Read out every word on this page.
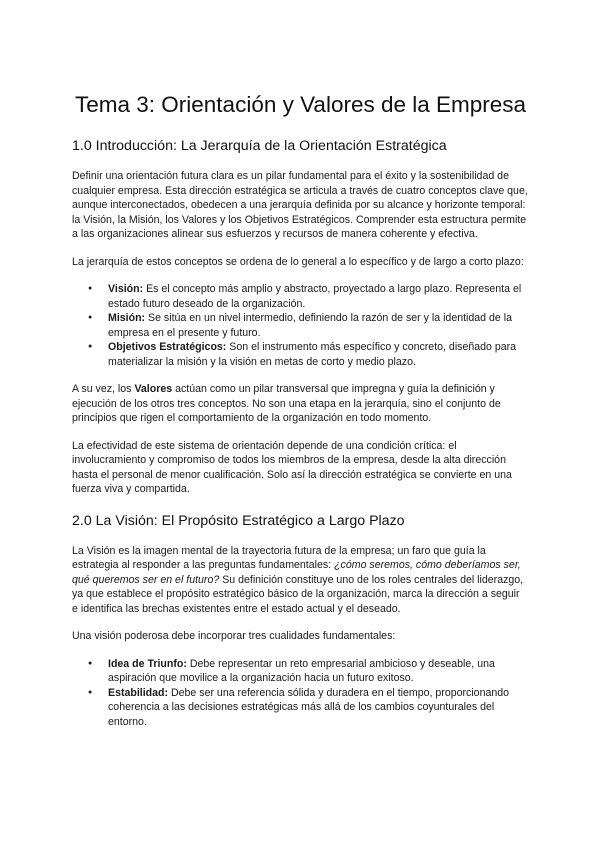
Tema 3: Orientación y Valores de la Empresa
1.0 Introducción: La Jerarquía de la Orientación Estratégica

Definir una orientación futura clara es un pilar fundamental para el éxito y la sostenibilidad de cualquier empresa. Esta dirección estratégica se articula a través de cuatro conceptos clave que, aunque interconectados, obedecen a una jerarquía definida por su alcance y horizonte temporal: la Visión, la Misión, los Valores y los Objetivos Estratégicos. Comprender esta estructura permite a las organizaciones alinear sus esfuerzos y recursos de manera coherente y efectiva.

La jerarquía de estos conceptos se ordena de lo general a lo específico y de largo a corto plazo:

● Visión: Es el concepto más amplio y abstracto, proyectado a largo plazo. Representa el estado futuro deseado de la organización.
● Misión: Se sitúa en un nivel intermedio, definiendo la razón de ser y la identidad de la empresa en el presente y futuro.
● Objetivos Estratégicos: Son el instrumento más específico y concreto, diseñado para materializar la misión y la visión en metas de corto y medio plazo.

A su vez, los Valores actúan como un pilar transversal que impregna y guía la definición y ejecución de los otros tres conceptos. No son una etapa en la jerarquía, sino el conjunto de principios que rigen el comportamiento de la organización en todo momento.

La efectividad de este sistema de orientación depende de una condición crítica: el involucramiento y compromiso de todos los miembros de la empresa, desde la alta dirección hasta el personal de menor cualificación. Solo así la dirección estratégica se convierte en una fuerza viva y compartida.

2.0 La Visión: El Propósito Estratégico a Largo Plazo

La Visión es la imagen mental de la trayectoria futura de la empresa; un faro que guía la estrategia al responder a las preguntas fundamentales: ¿cómo seremos, cómo deberíamos ser, qué queremos ser en el futuro? Su definición constituye uno de los roles centrales del liderazgo, ya que establece el propósito estratégico básico de la organización, marca la dirección a seguir e identifica las brechas existentes entre el estado actual y el deseado.

Una visión poderosa debe incorporar tres cualidades fundamentales:

● Idea de Triunfo: Debe representar un reto empresarial ambicioso y deseable, una aspiración que movilice a la organización hacia un futuro exitoso.
● Estabilidad: Debe ser una referencia sólida y duradera en el tiempo, proporcionando coherencia a las decisiones estratégicas más allá de los cambios coyunturales del entorno.
